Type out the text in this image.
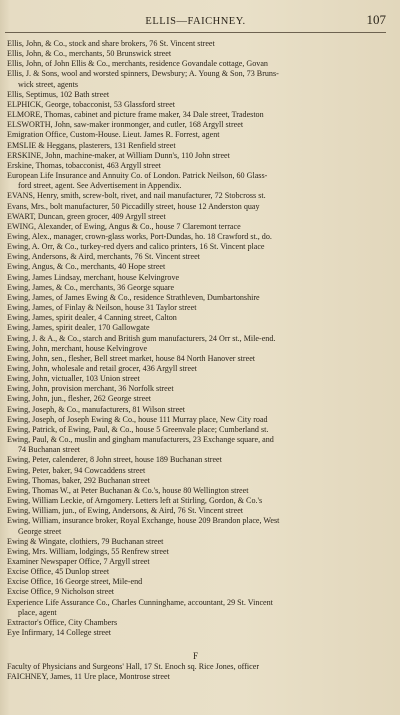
ELLIS—FAICHNEY.	107
Ellis, John, & Co., stock and share brokers, 76 St. Vincent street
Ellis, John, & Co., merchants, 50 Brunswick street
Ellis, John, of John Ellis & Co., merchants, residence Govandale cottage, Govan
Ellis, J. & Sons, wool and worsted spinners, Dewsbury; A. Young & Son, 73 Bruns-
wick street, agents
Ellis, Septimus, 102 Bath street
ELPHICK, George, tobacconist, 53 Glassford street
ELMORE, Thomas, cabinet and picture frame maker, 34 Dale street, Tradeston
ELSWORTH, John, saw-maker ironmonger, and cutler, 168 Argyll street
Emigration Office, Custom-House. Lieut. James R. Forrest, agent
EMSLIE & Heggans, plasterers, 131 Renfield street
ERSKINE, John, machine-maker, at William Dunn's, 110 John street
Erskine, Thomas, tobacconist, 463 Argyll street
European Life Insurance and Annuity Co. of London. Patrick Neilson, 60 Glass-
ford street, agent. See Advertisement in Appendix.
EVANS, Henry, smith, screw-bolt, rivet, and nail manufacturer, 72 Stobcross st.
Evans, Mrs., bolt manufacturer, 50 Piccadilly street, house 12 Anderston quay
EWART, Duncan, green grocer, 409 Argyll street
EWING, Alexander, of Ewing, Angus & Co., house 7 Claremont terrace
Ewing, Alex., manager, crown-glass works, Port-Dundas, ho. 18 Crawford st., do.
Ewing, A. Orr, & Co., turkey-red dyers and calico printers, 16 St. Vincent place
Ewing, Andersons, & Aird, merchants, 76 St. Vincent street
Ewing, Angus, & Co., merchants, 40 Hope street
Ewing, James Lindsay, merchant, house Kelvingrove
Ewing, James, & Co., merchants, 36 George square
Ewing, James, of James Ewing & Co., residence Strathleven, Dumbartonshire
Ewing, James, of Finlay & Neilson, house 31 Taylor street
Ewing, James, spirit dealer, 4 Canning street, Calton
Ewing, James, spirit dealer, 170 Gallowgate
Ewing, J. & A., & Co., starch and British gum manufacturers, 24 Orr st., Mile-end.
Ewing, John, merchant, house Kelvingrove
Ewing, John, sen., flesher, Bell street market, house 84 North Hanover street
Ewing, John, wholesale and retail grocer, 436 Argyll street
Ewing, John, victualler, 103 Union street
Ewing, John, provision merchant, 36 Norfolk street
Ewing, John, jun., flesher, 262 George street
Ewing, Joseph, & Co., manufacturers, 81 Wilson street
Ewing, Joseph, of Joseph Ewing & Co., house 111 Murray place, New City road
Ewing, Patrick, of Ewing, Paul, & Co., house 5 Greenvale place; Cumberland st.
Ewing, Paul, & Co., muslin and gingham manufacturers, 23 Exchange square, and
74 Buchanan street
Ewing, Peter, calenderer, 8 John street, house 189 Buchanan street
Ewing, Peter, baker, 94 Cowcaddens street
Ewing, Thomas, baker, 292 Buchanan street
Ewing, Thomas W., at Peter Buchanan & Co.'s, house 80 Wellington street
Ewing, William Leckie, of Arngomery. Letters left at Stirling, Gordon, & Co.'s
Ewing, William, jun., of Ewing, Andersons, & Aird, 76 St. Vincent street
Ewing, William, insurance broker, Royal Exchange, house 209 Brandon place, West
George street
Ewing & Wingate, clothiers, 79 Buchanan street
Ewing, Mrs. William, lodgings, 55 Renfrew street
Examiner Newspaper Office, 7 Argyll street
Excise Office, 45 Dunlop street
Excise Office, 16 George street, Mile-end
Excise Office, 9 Nicholson street
Experience Life Assurance Co., Charles Cunninghame, accountant, 29 St. Vincent
place, agent
Extractor's Office, City Chambers
Eye Infirmary, 14 College street
F
Faculty of Physicians and Surgeons' Hall, 17 St. Enoch sq. Rice Jones, officer
FAICHNEY, James, 11 Ure place, Montrose street
